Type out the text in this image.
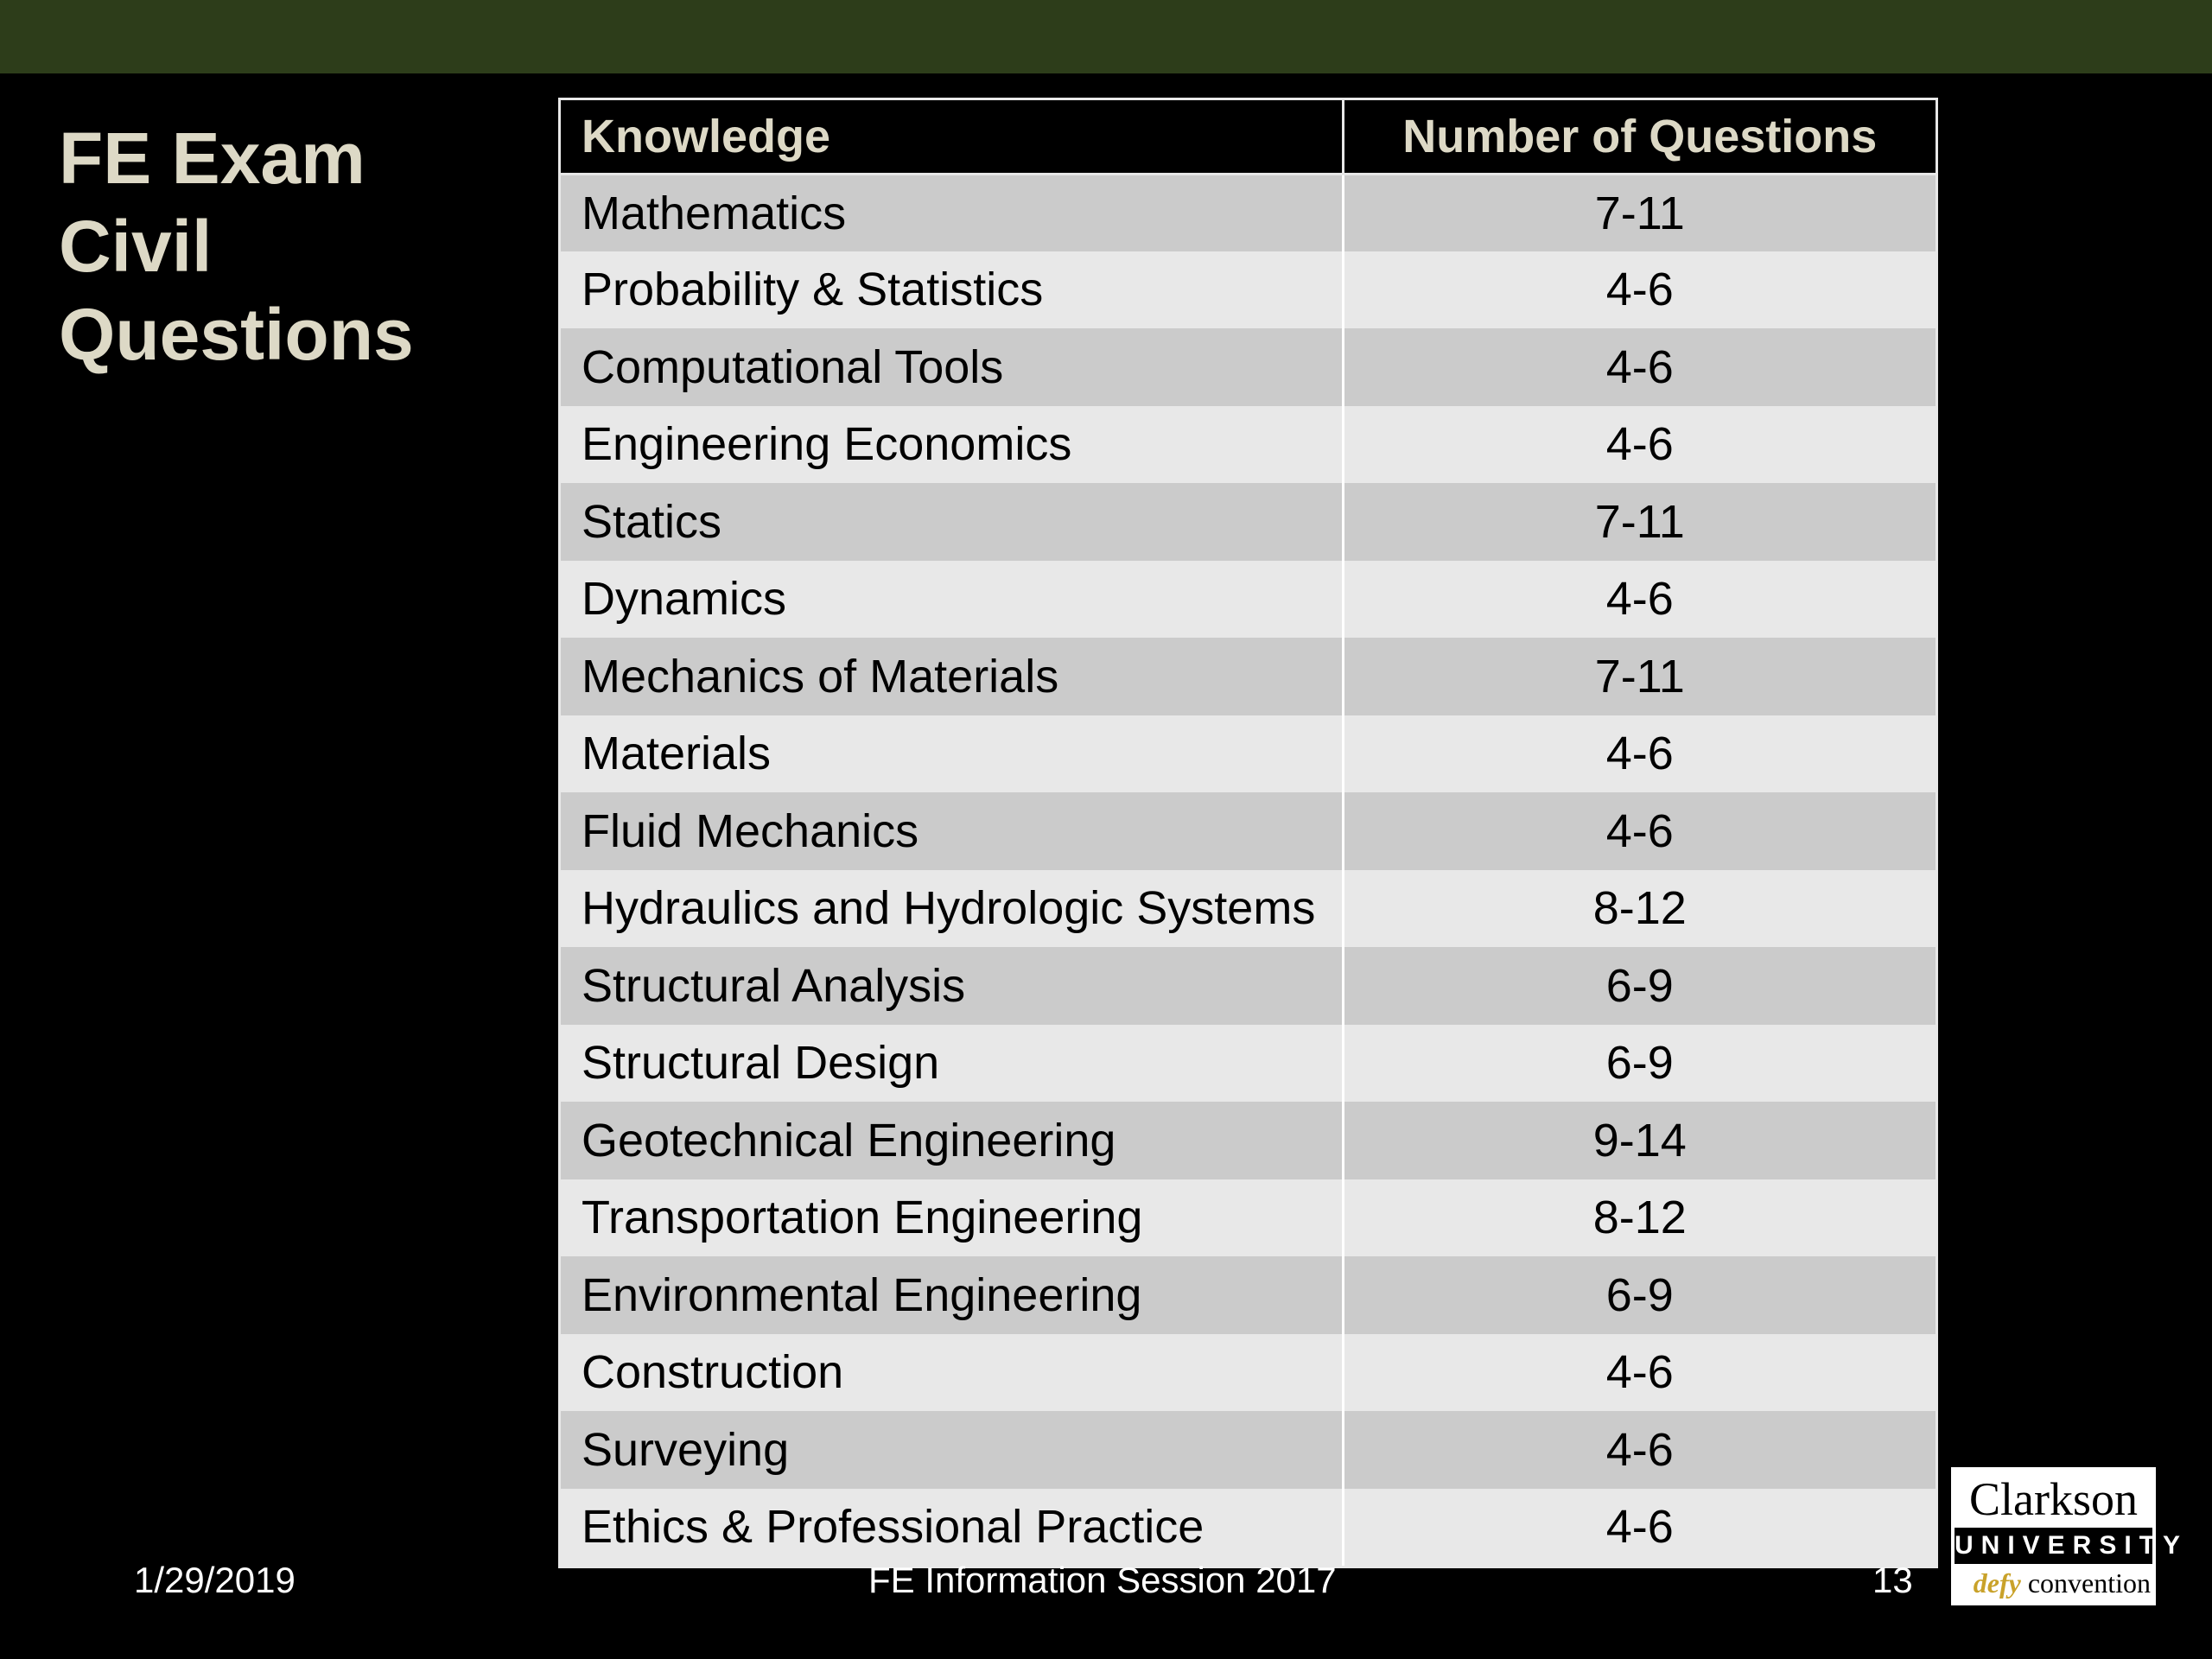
FE Exam
Civil
Questions
Knowledge	Number of Questions
Mathematics	7-11
Probability & Statistics	4-6
Computational Tools	4-6
Engineering Economics	4-6
Statics	7-11
Dynamics	4-6
Mechanics of Materials	7-11
Materials	4-6
Fluid Mechanics	4-6
Hydraulics and Hydrologic Systems	8-12
Structural Analysis	6-9
Structural Design	6-9
Geotechnical Engineering	9-14
Transportation Engineering	8-12
Environmental Engineering	6-9
Construction	4-6
Surveying	4-6
Ethics & Professional Practice	4-6
1/29/2019	FE Information Session 2017	13
Clarkson
UNIVERSITY
defy convention
